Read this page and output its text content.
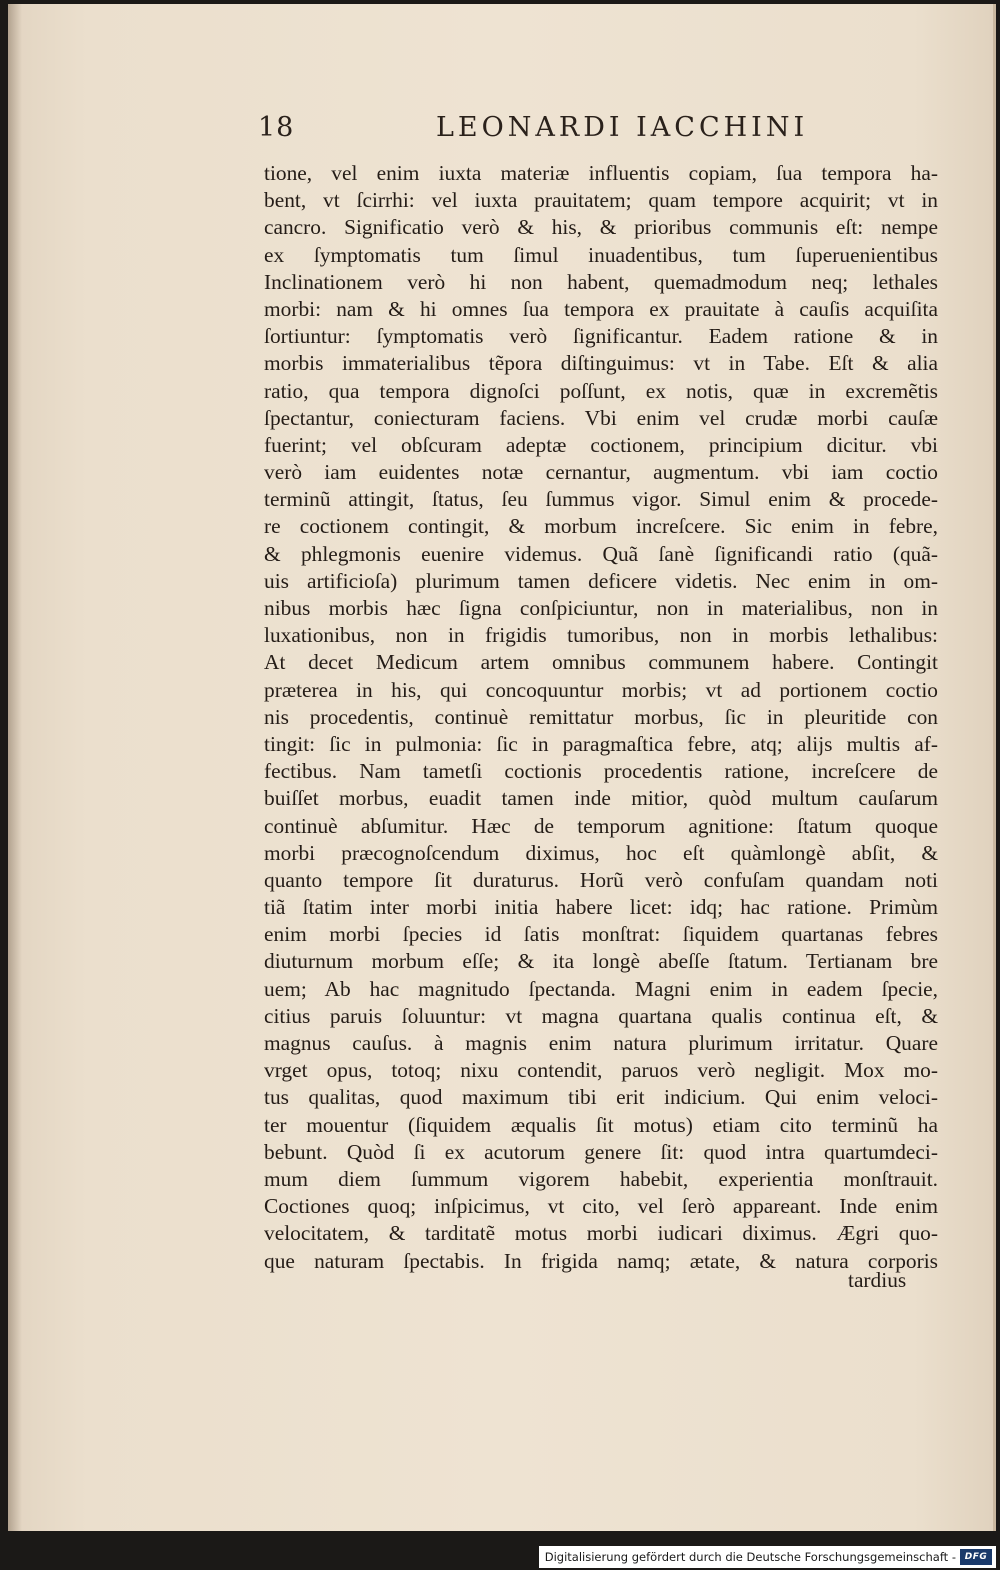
18	LEONARDI IACCHINI
tione, vel enim iuxta materiæ influentis copiam, ſua tempora ha-
bent, vt ſcirrhi: vel iuxta prauitatem; quam tempore acquirit; vt in
cancro. Significatio verò & his, & prioribus communis eſt: nempe
ex ſymptomatis tum ſimul inuadentibus, tum ſuperuenientibus
Inclinationem verò hi non habent, quemadmodum neq; lethales
morbi: nam & hi omnes ſua tempora ex prauitate à cauſis acquiſita
ſortiuntur: ſymptomatis verò ſignificantur. Eadem ratione & in
morbis immaterialibus tẽpora diſtinguimus: vt in Tabe. Eſt & alia
ratio, qua tempora dignoſci poſſunt, ex notis, quæ in excremẽtis
ſpectantur, coniecturam faciens. Vbi enim vel crudæ morbi cauſæ
fuerint; vel obſcuram adeptæ coctionem, principium dicitur. vbi
verò iam euidentes notæ cernantur, augmentum. vbi iam coctio
terminũ attingit, ſtatus, ſeu ſummus vigor. Simul enim & procede-
re coctionem contingit, & morbum increſcere. Sic enim in febre,
& phlegmonis euenire videmus. Quã ſanè ſignificandi ratio (quã-
uis artificioſa) plurimum tamen deficere videtis. Nec enim in om-
nibus morbis hæc ſigna conſpiciuntur, non in materialibus, non in
luxationibus, non in frigidis tumoribus, non in morbis lethalibus:
At decet Medicum artem omnibus communem habere. Contingit
præterea in his, qui concoquuntur morbis; vt ad portionem coctio
nis procedentis, continuè remittatur morbus, ſic in pleuritide con
tingit: ſic in pulmonia: ſic in paragmaſtica febre, atq; alijs multis af-
fectibus. Nam tametſi coctionis procedentis ratione, increſcere de
buiſſet morbus, euadit tamen inde mitior, quòd multum cauſarum
continuè abſumitur. Hæc de temporum agnitione: ſtatum quoque
morbi præcognoſcendum diximus, hoc eſt quàmlongè abſit, &
quanto tempore ſit duraturus. Horũ verò confuſam quandam noti
tiã ſtatim inter morbi initia habere licet: idq; hac ratione. Primùm
enim morbi ſpecies id ſatis monſtrat: ſiquidem quartanas febres
diuturnum morbum eſſe; & ita longè abeſſe ſtatum. Tertianam bre
uem; Ab hac magnitudo ſpectanda. Magni enim in eadem ſpecie,
citius paruis ſoluuntur: vt magna quartana qualis continua eſt, &
magnus cauſus. à magnis enim natura plurimum irritatur. Quare
vrget opus, totoq; nixu contendit, paruos verò negligit. Mox mo-
tus qualitas, quod maximum tibi erit indicium. Qui enim veloci-
ter mouentur (ſiquidem æqualis ſit motus) etiam cito terminũ ha
bebunt. Quòd ſi ex acutorum genere ſit: quod intra quartumdeci-
mum diem ſummum vigorem habebit, experientia monſtrauit.
Coctiones quoq; inſpicimus, vt cito, vel ſerò appareant. Inde enim
velocitatem, & tarditatẽ motus morbi iudicari diximus. Ægri quo-
que naturam ſpectabis. In frigida namq; ætate, & natura corporis
tardius
Digitalisierung gefördert durch die Deutsche Forschungsgemeinschaft - DFG
